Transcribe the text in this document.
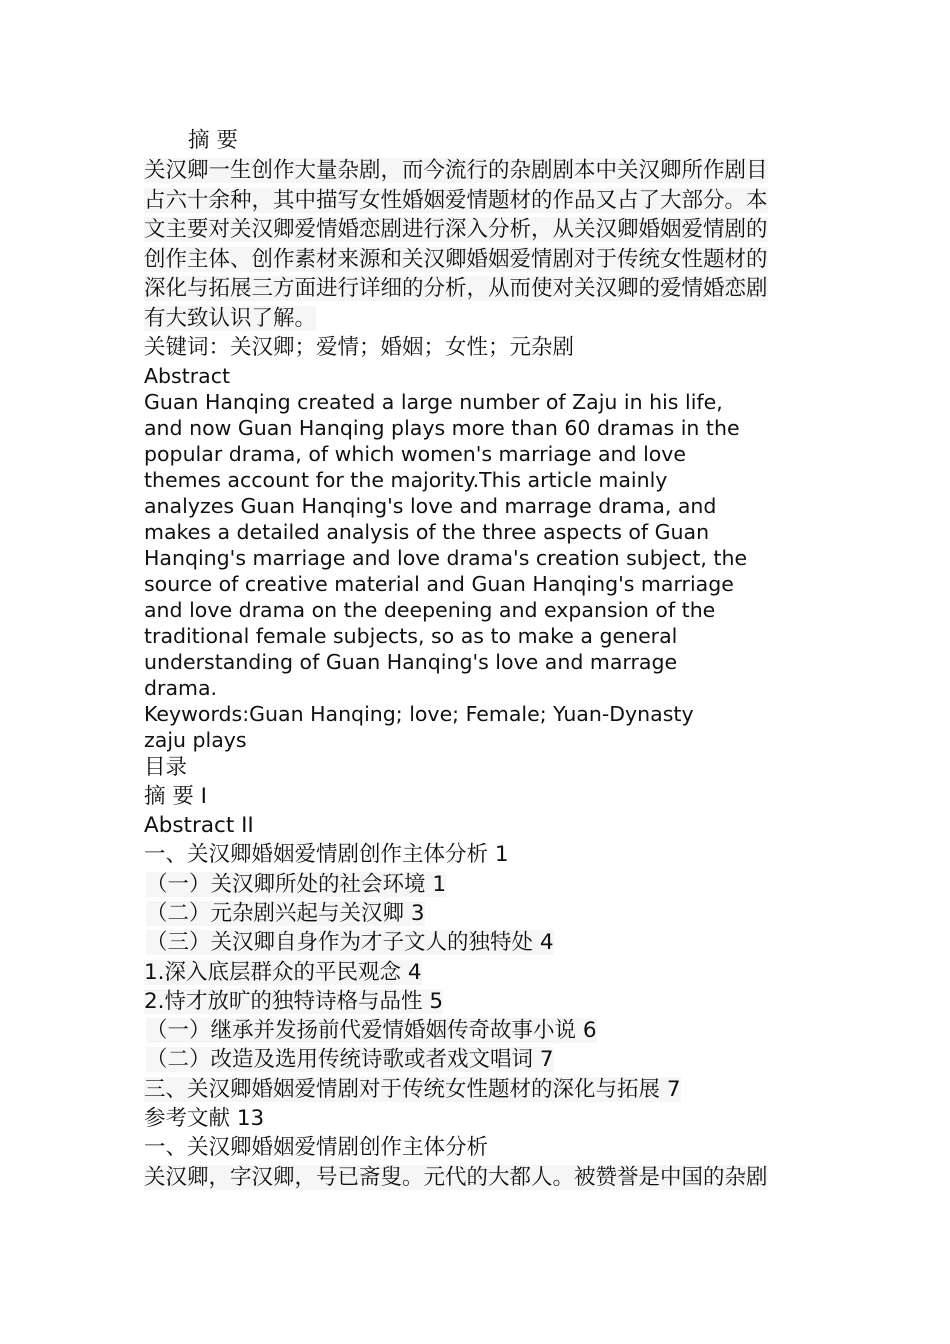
摘 要

关汉卿一生创作大量杂剧，而今流行的杂剧剧本中关汉卿所作剧目

占六十余种，其中描写女性婚姻爱情题材的作品又占了大部分。本

文主要对关汉卿爱情婚恋剧进行深入分析，从关汉卿婚姻爱情剧的

创作主体、创作素材来源和关汉卿婚姻爱情剧对于传统女性题材的

深化与拓展三方面进行详细的分析，从而使对关汉卿的爱情婚恋剧

有大致认识了解。

关键词：关汉卿；爱情；婚姻；女性；元杂剧

Abstract

Guan Hanqing created a large number of Zaju in his life,

and now Guan Hanqing plays more than 60 dramas in the

popular drama, of which women's marriage and love

themes account for the majority.This article mainly

analyzes Guan Hanqing's love and marrage drama, and

makes a detailed analysis of the three aspects of Guan

Hanqing's marriage and love drama's creation subject, the

source of creative material and Guan Hanqing's marriage

and love drama on the deepening and expansion of the

traditional female subjects, so as to make a general

understanding of Guan Hanqing's love and marrage

drama.

Keywords:Guan Hanqing; love; Female; Yuan-Dynasty

zaju plays

目录

摘 要 I

Abstract II

一、关汉卿婚姻爱情剧创作主体分析 1

（一）关汉卿所处的社会环境 1

（二）元杂剧兴起与关汉卿 3

（三）关汉卿自身作为才子文人的独特处 4

1.深入底层群众的平民观念 4

2.恃才放旷的独特诗格与品性 5

（一）继承并发扬前代爱情婚姻传奇故事小说 6

（二）改造及选用传统诗歌或者戏文唱词 7

三、关汉卿婚姻爱情剧对于传统女性题材的深化与拓展 7

参考文献 13

一、关汉卿婚姻爱情剧创作主体分析

关汉卿，字汉卿，号已斋叟。元代的大都人。被赞誉是中国的杂剧
